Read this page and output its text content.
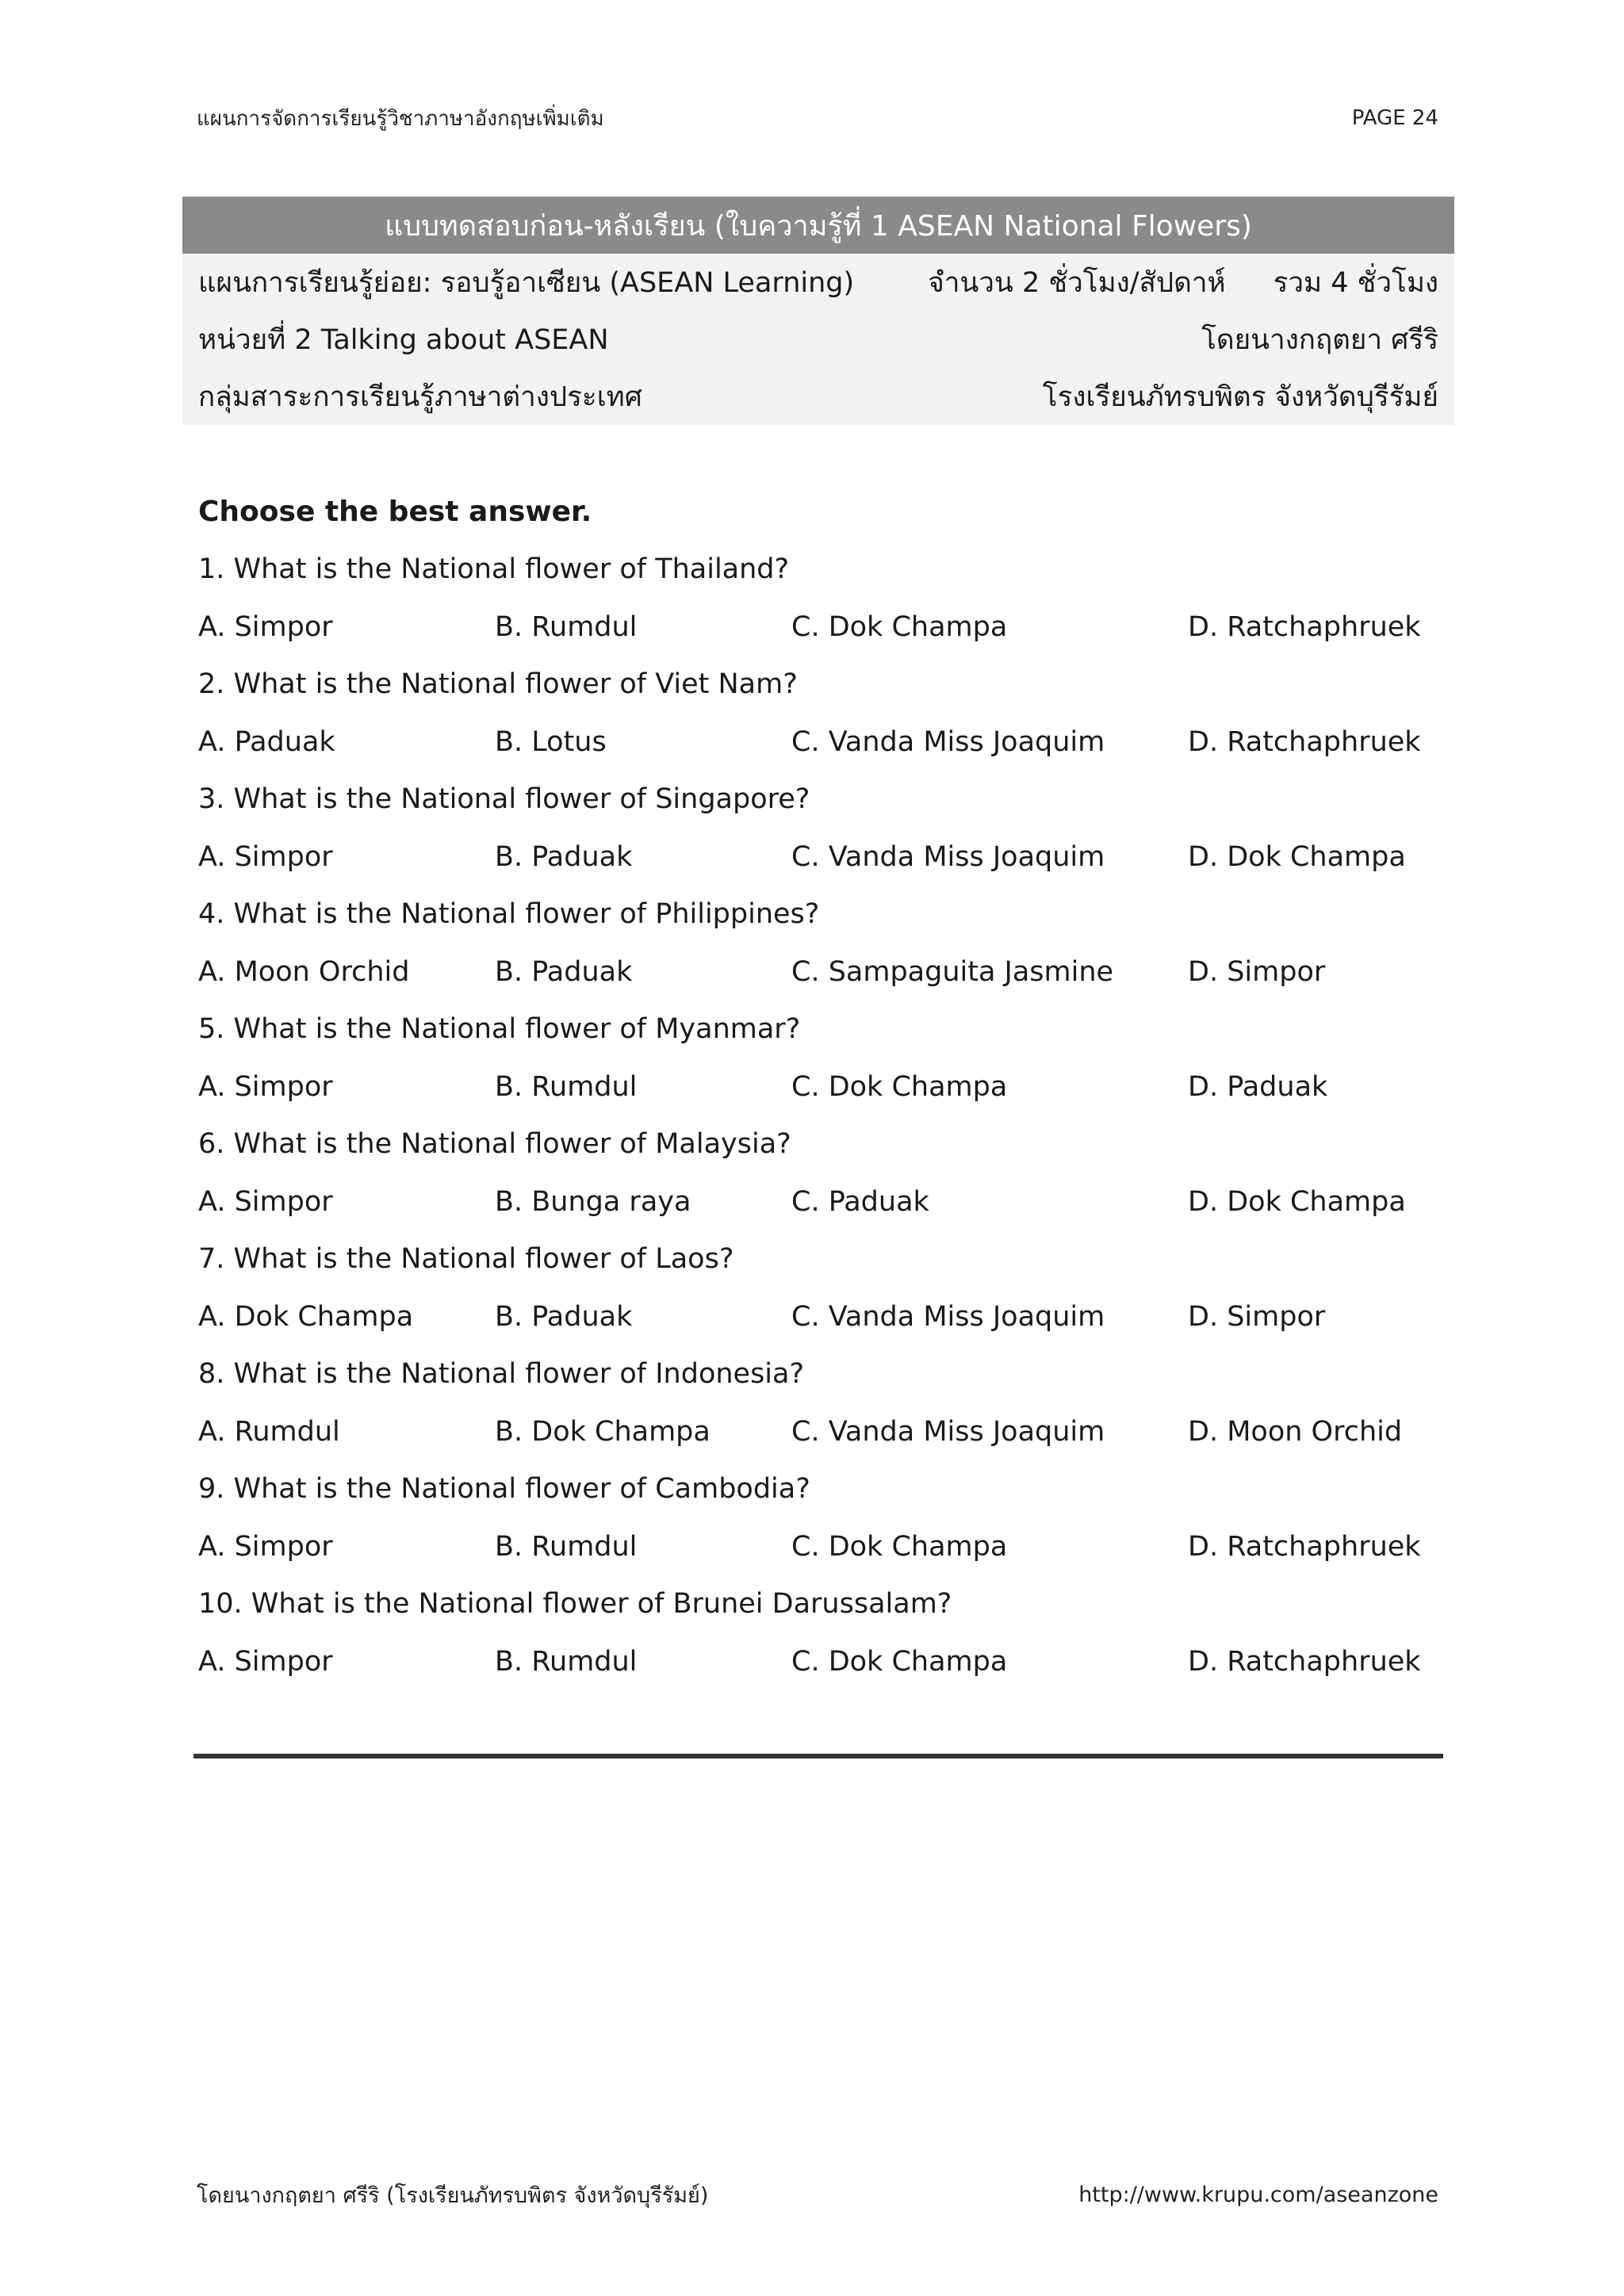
แผนการจัดการเรียนรู้วิชาภาษาอังกฤษเพิ่มเติม	PAGE 24
แบบทดสอบก่อน-หลังเรียน (ใบความรู้ที่ 1 ASEAN National Flowers)
แผนการเรียนรู้ย่อย: รอบรู้อาเซียน (ASEAN Learning)	จำนวน 2 ชั่วโมง/สัปดาห์ รวม 4 ชั่วโมง
หน่วยที่ 2 Talking about ASEAN	โดยนางกฤตยา ศรีริ
กลุ่มสาระการเรียนรู้ภาษาต่างประเทศ	โรงเรียนภัทรบพิตร จังหวัดบุรีรัมย์
Choose the best answer.
1. What is the National flower of Thailand?
A. Simpor	B. Rumdul	C. Dok Champa	D. Ratchaphruek
2. What is the National flower of Viet Nam?
A. Paduak	B. Lotus	C. Vanda Miss Joaquim	D. Ratchaphruek
3. What is the National flower of Singapore?
A. Simpor	B. Paduak	C. Vanda Miss Joaquim	D. Dok Champa
4. What is the National flower of Philippines?
A. Moon Orchid	B. Paduak	C. Sampaguita Jasmine	D. Simpor
5. What is the National flower of Myanmar?
A. Simpor	B. Rumdul	C. Dok Champa	D. Paduak
6. What is the National flower of Malaysia?
A. Simpor	B. Bunga raya	C. Paduak	D. Dok Champa
7. What is the National flower of Laos?
A. Dok Champa	B. Paduak	C. Vanda Miss Joaquim	D. Simpor
8. What is the National flower of Indonesia?
A. Rumdul	B. Dok Champa	C. Vanda Miss Joaquim	D. Moon Orchid
9. What is the National flower of Cambodia?
A. Simpor	B. Rumdul	C. Dok Champa	D. Ratchaphruek
10. What is the National flower of Brunei Darussalam?
A. Simpor	B. Rumdul	C. Dok Champa	D. Ratchaphruek
โดยนางกฤตยา ศรีริ (โรงเรียนภัทรบพิตร จังหวัดบุรีรัมย์)	http://www.krupu.com/aseanzone
